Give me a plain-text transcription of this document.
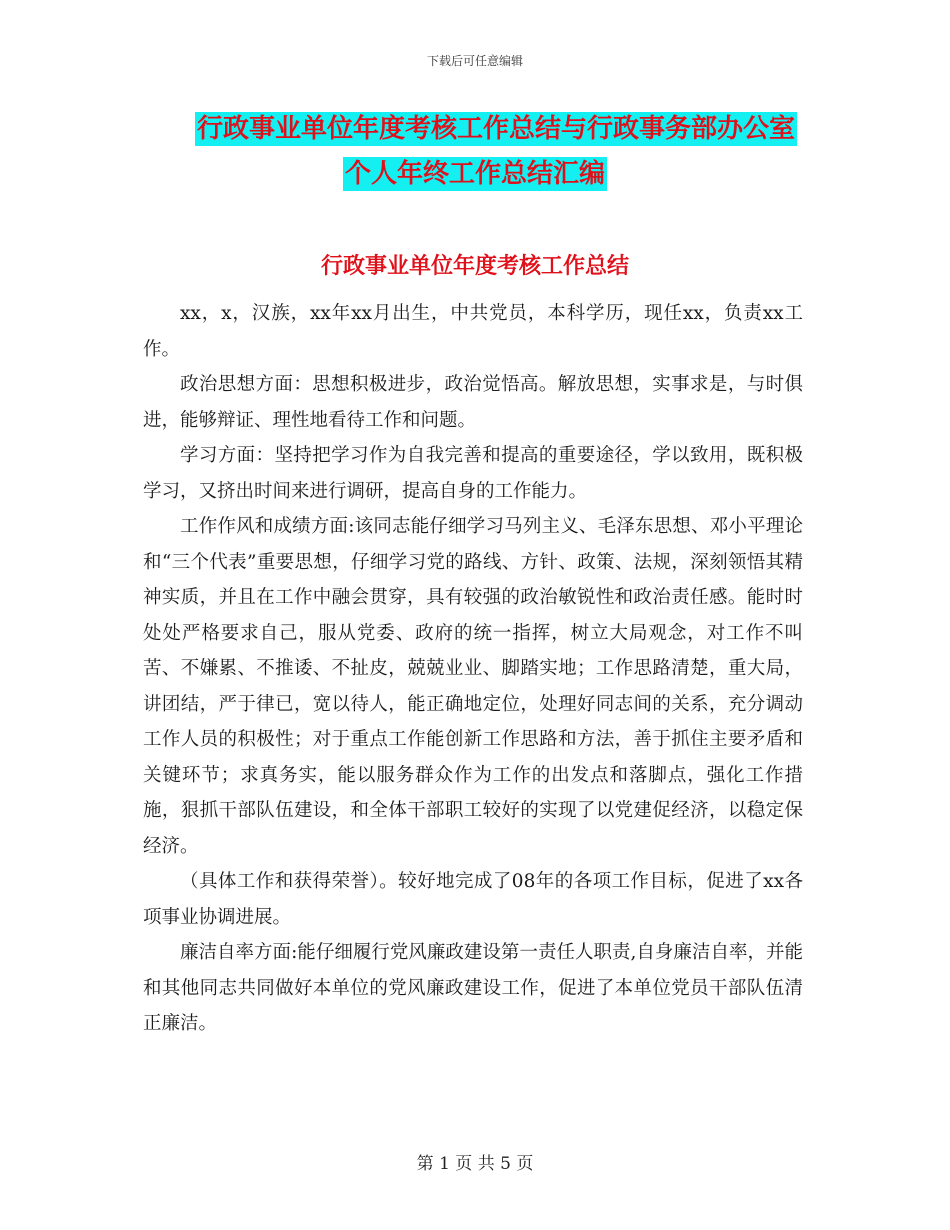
下载后可任意编辑
行政事业单位年度考核工作总结与行政事务部办公室
个人年终工作总结汇编
行政事业单位年度考核工作总结

xx，x，汉族，xx年xx月出生，中共党员，本科学历，现任xx，负责xx工作。

政治思想方面：思想积极进步，政治觉悟高。解放思想，实事求是，与时俱进，能够辩证、理性地看待工作和问题。

学习方面：坚持把学习作为自我完善和提高的重要途径，学以致用，既积极学习，又挤出时间来进行调研，提高自身的工作能力。

工作作风和成绩方面:该同志能仔细学习马列主义、毛泽东思想、邓小平理论和“三个代表”重要思想，仔细学习党的路线、方针、政策、法规，深刻领悟其精神实质，并且在工作中融会贯穿，具有较强的政治敏锐性和政治责任感。能时时处处严格要求自己，服从党委、政府的统一指挥，树立大局观念，对工作不叫苦、不嫌累、不推诿、不扯皮，兢兢业业、脚踏实地；工作思路清楚，重大局，讲团结，严于律已，宽以待人，能正确地定位，处理好同志间的关系，充分调动工作人员的积极性；对于重点工作能创新工作思路和方法，善于抓住主要矛盾和关键环节；求真务实，能以服务群众作为工作的出发点和落脚点，强化工作措施，狠抓干部队伍建设，和全体干部职工较好的实现了以党建促经济，以稳定保经济。

（具体工作和获得荣誉）。较好地完成了08年的各项工作目标，促进了xx各项事业协调进展。

廉洁自率方面:能仔细履行党风廉政建设第一责任人职责,自身廉洁自率，并能和其他同志共同做好本单位的党风廉政建设工作，促进了本单位党员干部队伍清正廉洁。

第 1 页 共 5 页
